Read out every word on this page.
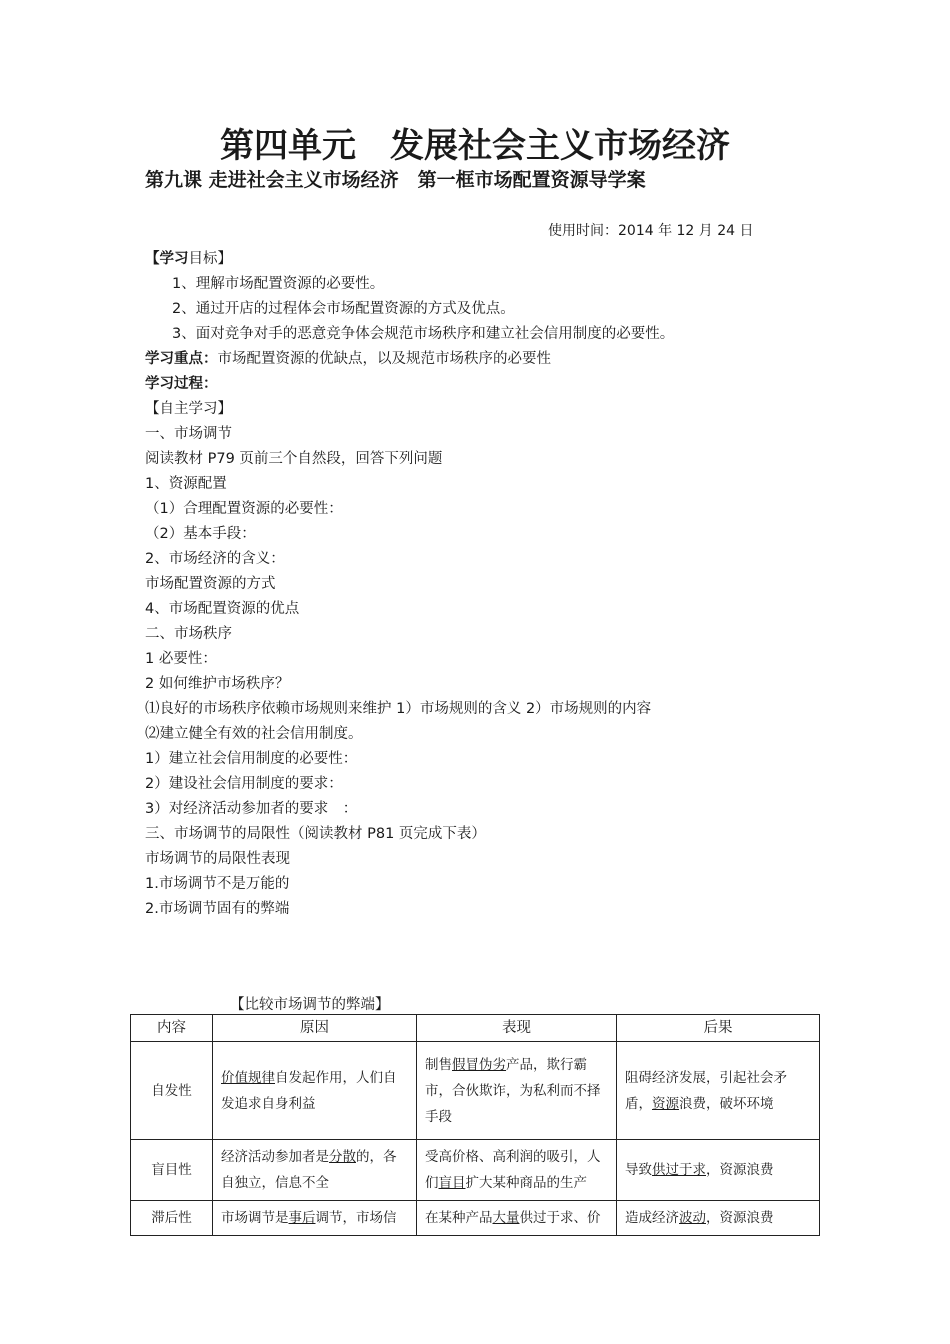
第四单元　发展社会主义市场经济
第九课 走进社会主义市场经济　第一框市场配置资源导学案
使用时间：2014 年 12 月 24 日
【学习目标】
1、理解市场配置资源的必要性。
2、通过开店的过程体会市场配置资源的方式及优点。
3、面对竞争对手的恶意竞争体会规范市场秩序和建立社会信用制度的必要性。
学习重点：市场配置资源的优缺点，以及规范市场秩序的必要性
学习过程：
【自主学习】
一、市场调节
阅读教材 P79 页前三个自然段，回答下列问题
1、资源配置
（1）合理配置资源的必要性：
（2）基本手段：
2、市场经济的含义：
市场配置资源的方式
4、市场配置资源的优点
二、市场秩序
1 必要性：
2 如何维护市场秩序？
⑴良好的市场秩序依赖市场规则来维护 1）市场规则的含义 2）市场规则的内容
⑵建立健全有效的社会信用制度。
1）建立社会信用制度的必要性：
2）建设社会信用制度的要求：
3）对经济活动参加者的要求　：
三、市场调节的局限性（阅读教材 P81 页完成下表）
市场调节的局限性表现
1.市场调节不是万能的
2.市场调节固有的弊端
【比较市场调节的弊端】
内容	原因	表现	后果
自发性	价值规律自发起作用，人们自发追求自身利益	制售假冒伪劣产品，欺行霸市，合伙欺诈，为私利而不择手段	阻碍经济发展，引起社会矛盾，资源浪费，破坏环境
盲目性	经济活动参加者是分散的，各自独立，信息不全	受高价格、高利润的吸引，人们盲目扩大某种商品的生产	导致供过于求，资源浪费
滞后性	市场调节是事后调节，市场信	在某种产品大量供过于求、价	造成经济波动，资源浪费
